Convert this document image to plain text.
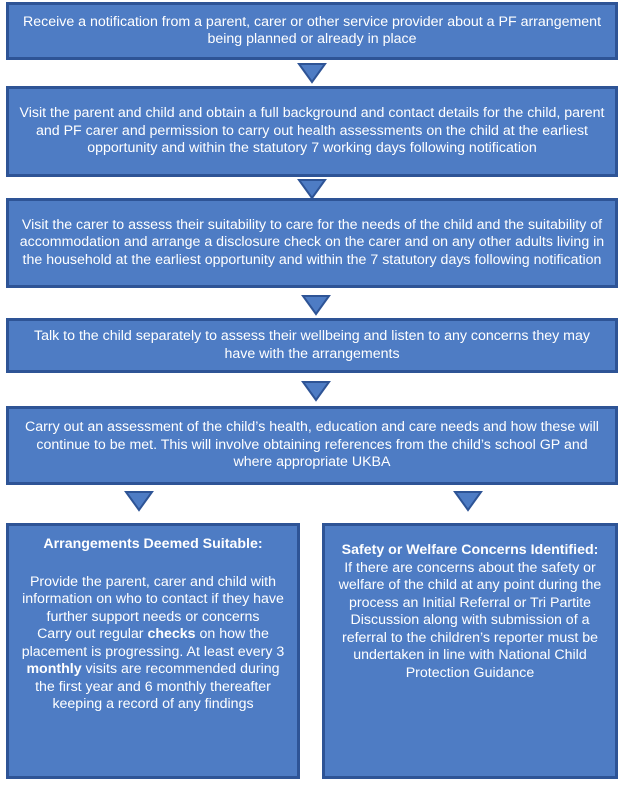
Receive a notification from a parent, carer or other service provider about a PF arrangement being planned or already in place

Visit the parent and child and obtain a full background and contact details for the child, parent and PF carer and permission to carry out health assessments on the child at the earliest opportunity and within the statutory 7 working days following notification

Visit the carer to assess their suitability to care for the needs of the child and the suitability of accommodation and arrange a disclosure check on the carer and on any other adults living in the household at the earliest opportunity and within the 7 statutory days following notification

Talk to the child separately to assess their wellbeing and listen to any concerns they may have with the arrangements

Carry out an assessment of the child’s health, education and care needs and how these will continue to be met. This will involve obtaining references from the child’s school GP and where appropriate UKBA

Arrangements Deemed Suitable:
Provide the parent, carer and child with information on who to contact if they have further support needs or concerns
Carry out regular checks on how the placement is progressing. At least every 3 monthly visits are recommended during the first year and 6 monthly thereafter keeping a record of any findings
Safety or Welfare Concerns Identified:
If there are concerns about the safety or welfare of the child at any point during the process an Initial Referral or Tri Partite Discussion along with submission of a referral to the children’s reporter must be undertaken in line with National Child Protection Guidance
